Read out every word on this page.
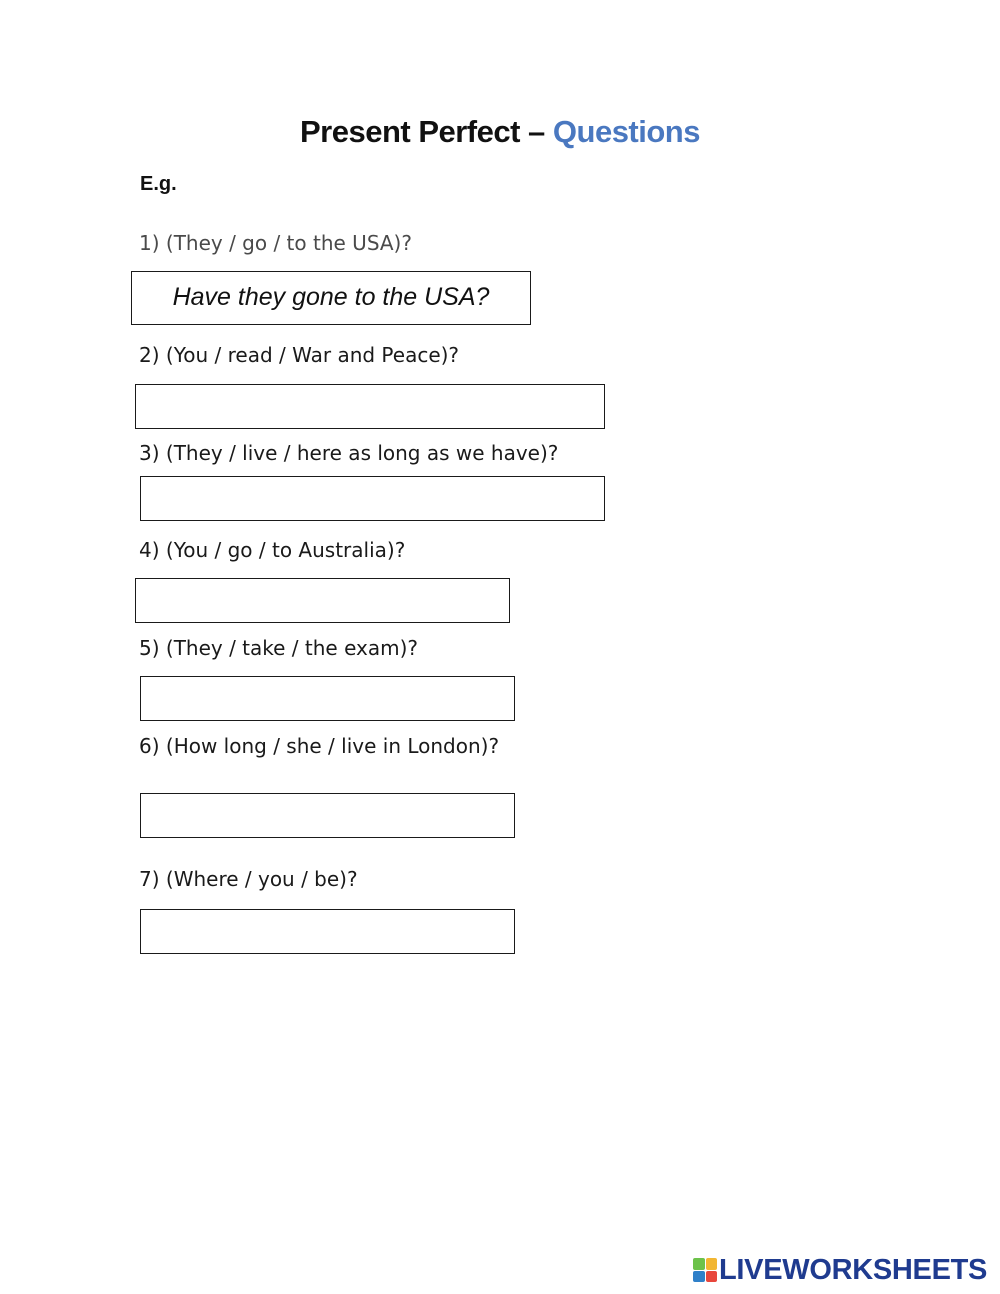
Present Perfect – Questions
E.g.
1) (They / go / to the USA)?
Have they gone to the USA?
2) (You / read / War and Peace)?
3) (They / live / here as long as we have)?
4) (You / go / to Australia)?
5) (They / take / the exam)?
6) (How long / she / live in London)?
7) (Where / you / be)?
LIVEWORKSHEETS
